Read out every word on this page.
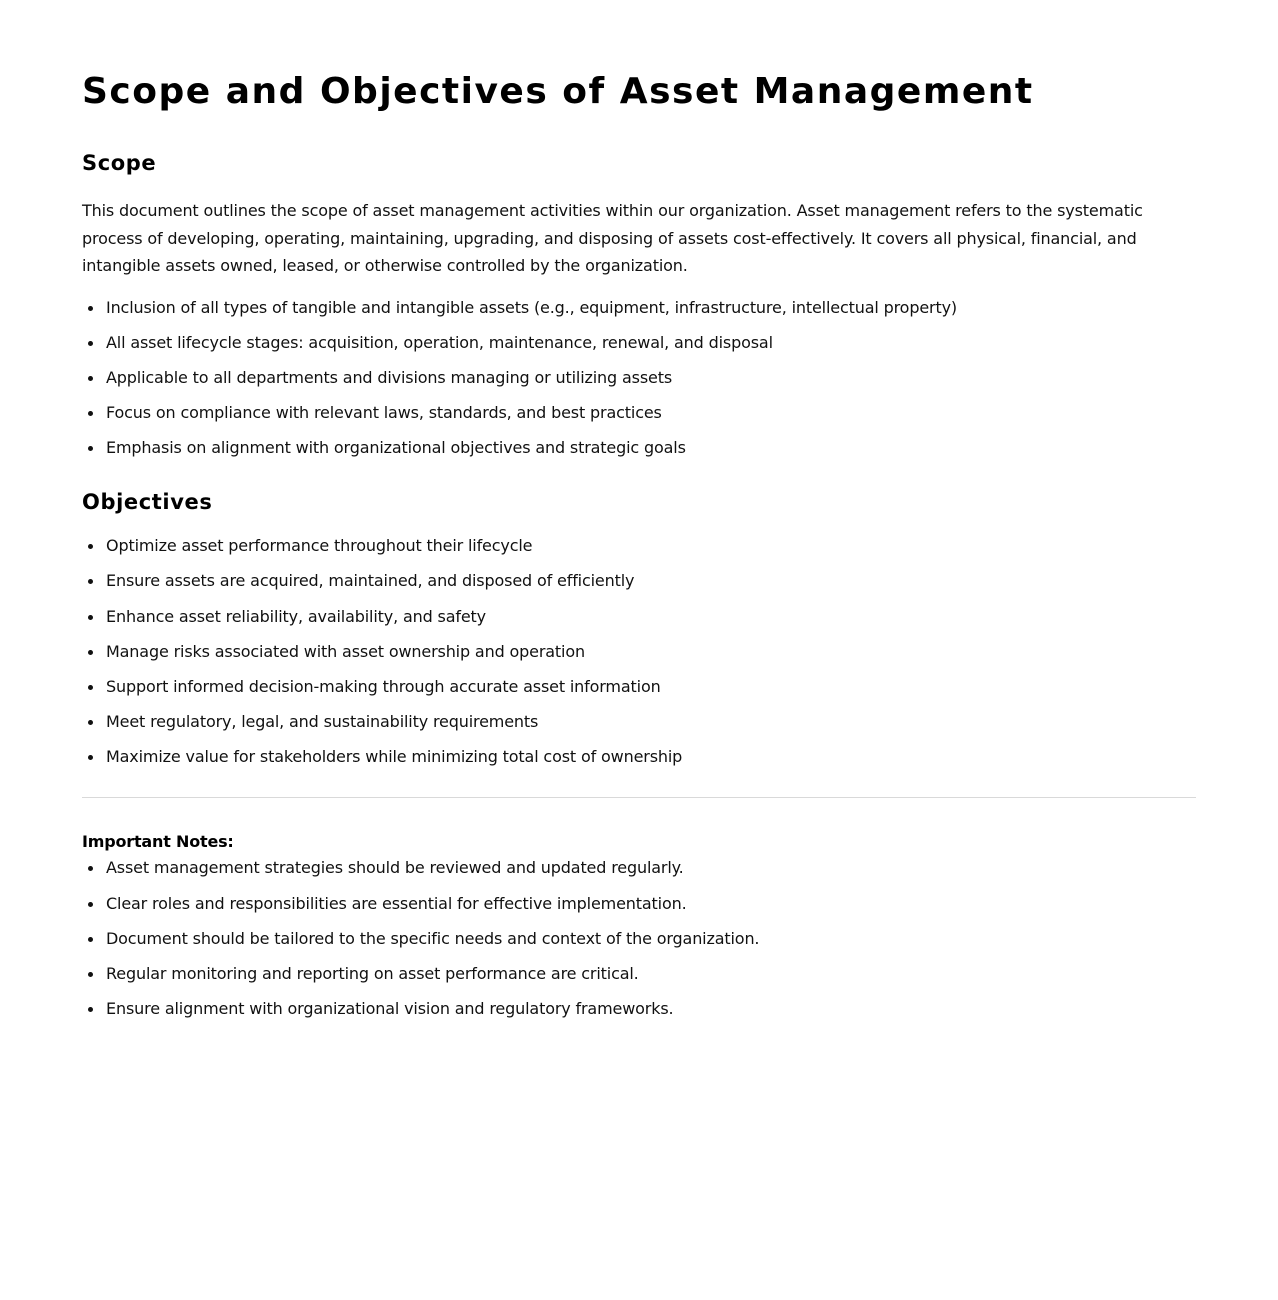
Scope and Objectives of Asset Management
Scope

This document outlines the scope of asset management activities within our organization. Asset management refers to the systematic process of developing, operating, maintaining, upgrading, and disposing of assets cost-effectively. It covers all physical, financial, and intangible assets owned, leased, or otherwise controlled by the organization.

Inclusion of all types of tangible and intangible assets (e.g., equipment, infrastructure, intellectual property)
All asset lifecycle stages: acquisition, operation, maintenance, renewal, and disposal
Applicable to all departments and divisions managing or utilizing assets
Focus on compliance with relevant laws, standards, and best practices
Emphasis on alignment with organizational objectives and strategic goals
Objectives
Optimize asset performance throughout their lifecycle
Ensure assets are acquired, maintained, and disposed of efficiently
Enhance asset reliability, availability, and safety
Manage risks associated with asset ownership and operation
Support informed decision-making through accurate asset information
Meet regulatory, legal, and sustainability requirements
Maximize value for stakeholders while minimizing total cost of ownership
Important Notes:
Asset management strategies should be reviewed and updated regularly.
Clear roles and responsibilities are essential for effective implementation.
Document should be tailored to the specific needs and context of the organization.
Regular monitoring and reporting on asset performance are critical.
Ensure alignment with organizational vision and regulatory frameworks.
